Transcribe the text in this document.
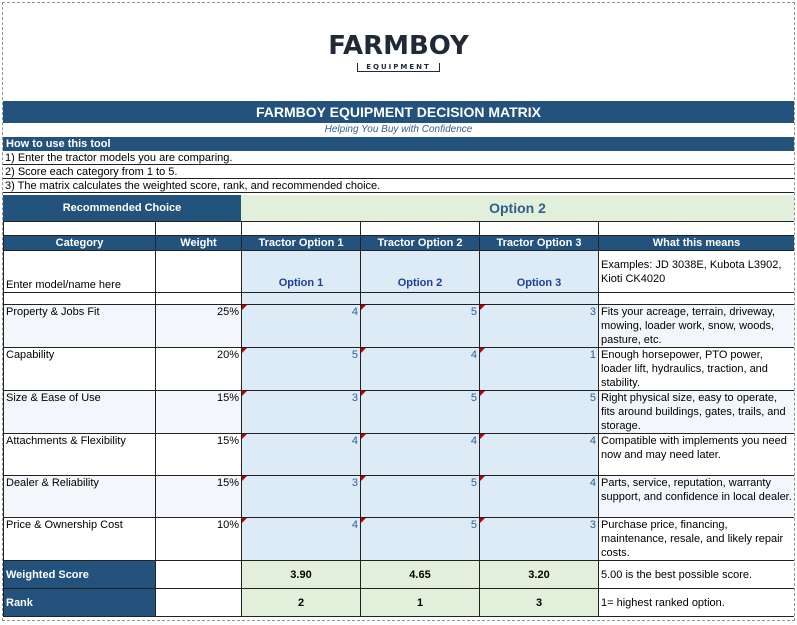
FARMBOY
EQUIPMENT
FARMBOY EQUIPMENT DECISION MATRIX
Helping You Buy with Confidence
How to use this tool
1) Enter the tractor models you are comparing.
2) Score each category from 1 to 5.
3) The matrix calculates the weighted score, rank, and recommended choice.
Recommended Choice	Option 2

Category	Weight	Tractor Option 1	Tractor Option 2	Tractor Option 3	What this means
Enter model/name here		Option 1	Option 2	Option 3	Examples: JD 3038E, Kubota L3902, Kioti CK4020

Property & Jobs Fit	25%	4	5	3	Fits your acreage, terrain, driveway, mowing, loader work, snow, woods, pasture, etc.
Capability	20%	5	4	1	Enough horsepower, PTO power, loader lift, hydraulics, traction, and stability.
Size & Ease of Use	15%	3	5	5	Right physical size, easy to operate, fits around buildings, gates, trails, and storage.
Attachments & Flexibility	15%	4	4	4	Compatible with implements you need now and may need later.
Dealer & Reliability	15%	3	5	4	Parts, service, reputation, warranty support, and confidence in local dealer.
Price & Ownership Cost	10%	4	5	3	Purchase price, financing, maintenance, resale, and likely repair costs.
Weighted Score		3.90	4.65	3.20	5.00 is the best possible score.
Rank		2	1	3	1= highest ranked option.
